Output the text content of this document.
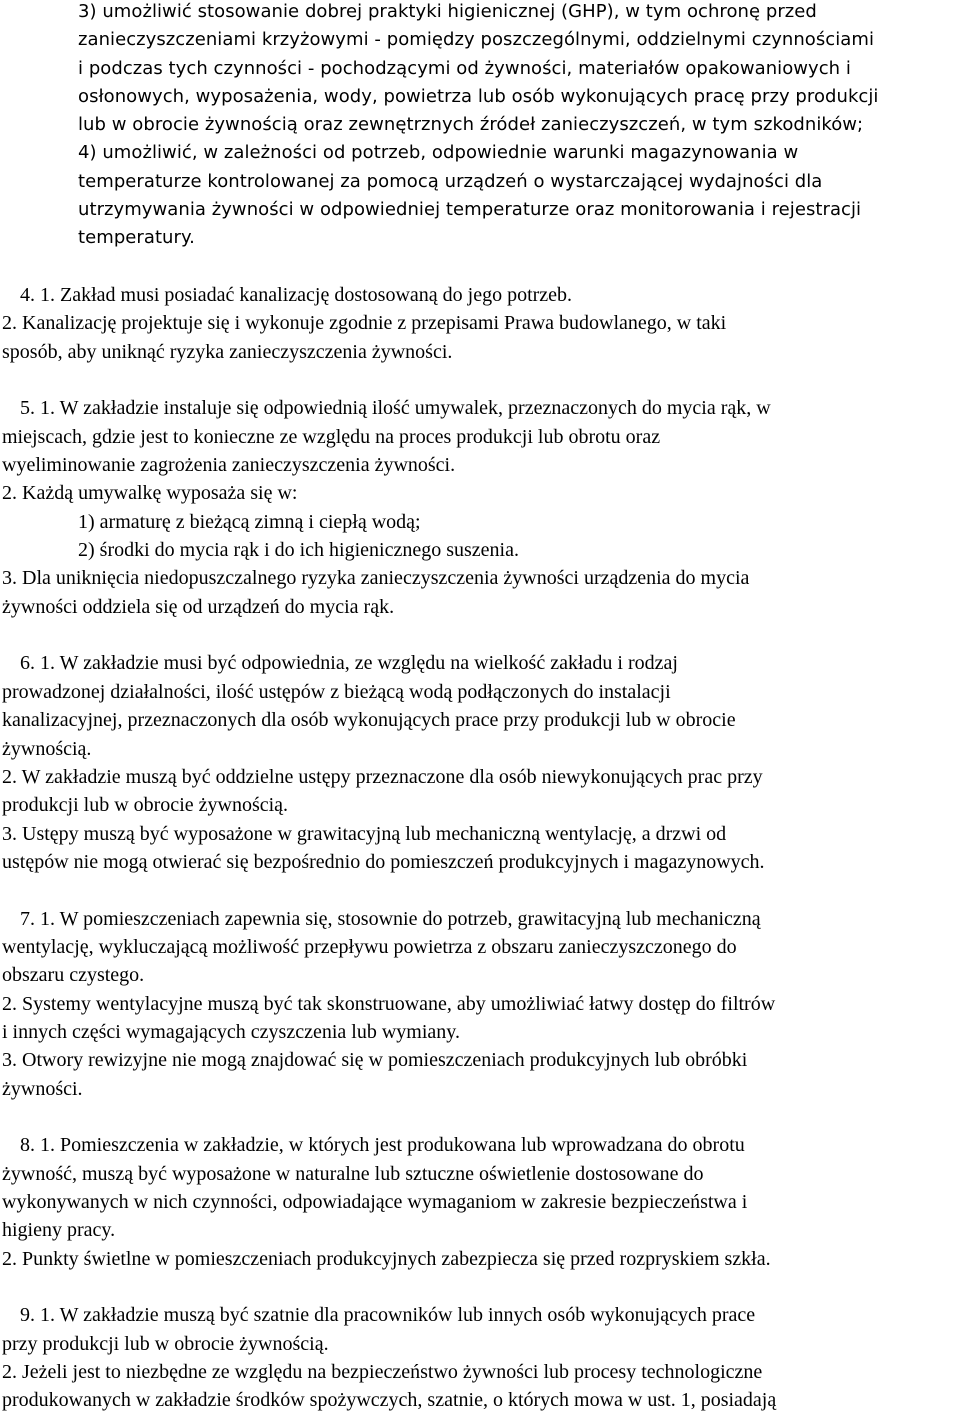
3) umożliwić stosowanie dobrej praktyki higienicznej (GHP), w tym ochronę przed
zanieczyszczeniami krzyżowymi - pomiędzy poszczególnymi, oddzielnymi czynnościami
i podczas tych czynności - pochodzącymi od żywności, materiałów opakowaniowych i
osłonowych, wyposażenia, wody, powietrza lub osób wykonujących pracę przy produkcji
lub w obrocie żywnością oraz zewnętrznych źródeł zanieczyszczeń, w tym szkodników;
4) umożliwić, w zależności od potrzeb, odpowiednie warunki magazynowania w
temperaturze kontrolowanej za pomocą urządzeń o wystarczającej wydajności dla
utrzymywania żywności w odpowiedniej temperaturze oraz monitorowania i rejestracji
temperatury.
4. 1. Zakład musi posiadać kanalizację dostosowaną do jego potrzeb.
2. Kanalizację projektuje się i wykonuje zgodnie z przepisami Prawa budowlanego, w taki
sposób, aby uniknąć ryzyka zanieczyszczenia żywności.
5. 1. W zakładzie instaluje się odpowiednią ilość umywalek, przeznaczonych do mycia rąk, w
miejscach, gdzie jest to konieczne ze względu na proces produkcji lub obrotu oraz
wyeliminowanie zagrożenia zanieczyszczenia żywności.
2. Każdą umywalkę wyposaża się w:
1) armaturę z bieżącą zimną i ciepłą wodą;
2) środki do mycia rąk i do ich higienicznego suszenia.
3. Dla uniknięcia niedopuszczalnego ryzyka zanieczyszczenia żywności urządzenia do mycia
żywności oddziela się od urządzeń do mycia rąk.
6. 1. W zakładzie musi być odpowiednia, ze względu na wielkość zakładu i rodzaj
prowadzonej działalności, ilość ustępów z bieżącą wodą podłączonych do instalacji
kanalizacyjnej, przeznaczonych dla osób wykonujących prace przy produkcji lub w obrocie
żywnością.
2. W zakładzie muszą być oddzielne ustępy przeznaczone dla osób niewykonujących prac przy
produkcji lub w obrocie żywnością.
3. Ustępy muszą być wyposażone w grawitacyjną lub mechaniczną wentylację, a drzwi od
ustępów nie mogą otwierać się bezpośrednio do pomieszczeń produkcyjnych i magazynowych.
7. 1. W pomieszczeniach zapewnia się, stosownie do potrzeb, grawitacyjną lub mechaniczną
wentylację, wykluczającą możliwość przepływu powietrza z obszaru zanieczyszczonego do
obszaru czystego.
2. Systemy wentylacyjne muszą być tak skonstruowane, aby umożliwiać łatwy dostęp do filtrów
i innych części wymagających czyszczenia lub wymiany.
3. Otwory rewizyjne nie mogą znajdować się w pomieszczeniach produkcyjnych lub obróbki
żywności.
8. 1. Pomieszczenia w zakładzie, w których jest produkowana lub wprowadzana do obrotu
żywność, muszą być wyposażone w naturalne lub sztuczne oświetlenie dostosowane do
wykonywanych w nich czynności, odpowiadające wymaganiom w zakresie bezpieczeństwa i
higieny pracy.
2. Punkty świetlne w pomieszczeniach produkcyjnych zabezpiecza się przed rozpryskiem szkła.
9. 1. W zakładzie muszą być szatnie dla pracowników lub innych osób wykonujących prace
przy produkcji lub w obrocie żywnością.
2. Jeżeli jest to niezbędne ze względu na bezpieczeństwo żywności lub procesy technologiczne
produkowanych w zakładzie środków spożywczych, szatnie, o których mowa w ust. 1, posiadają
